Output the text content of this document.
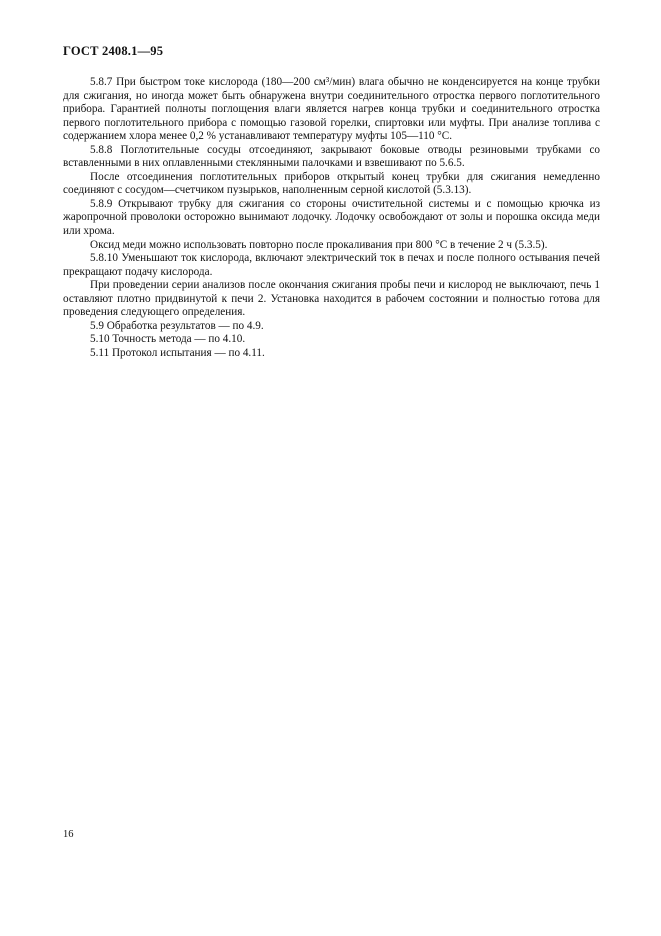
ГОСТ 2408.1—95

5.8.7 При быстром токе кислорода (180—200 см³/мин) влага обычно не конденсируется на конце трубки для сжигания, но иногда может быть обнаружена внутри соединительного отростка первого поглотительного прибора. Гарантией полноты поглощения влаги является нагрев конца трубки и соединительного отростка первого поглотительного прибора с помощью газовой горелки, спиртовки или муфты. При анализе топлива с содержанием хлора менее 0,2 % устанавливают температуру муфты 105—110 °С.

5.8.8 Поглотительные сосуды отсоединяют, закрывают боковые отводы резиновыми трубками со вставленными в них оплавленными стеклянными палочками и взвешивают по 5.6.5.

После отсоединения поглотительных приборов открытый конец трубки для сжигания немедленно соединяют с сосудом—счетчиком пузырьков, наполненным серной кислотой (5.3.13).

5.8.9 Открывают трубку для сжигания со стороны очистительной системы и с помощью крючка из жаропрочной проволоки осторожно вынимают лодочку. Лодочку освобождают от золы и порошка оксида меди или хрома.

Оксид меди можно использовать повторно после прокаливания при 800 °С в течение 2 ч (5.3.5).

5.8.10 Уменьшают ток кислорода, включают электрический ток в печах и после полного остывания печей прекращают подачу кислорода.

При проведении серии анализов после окончания сжигания пробы печи и кислород не выключают, печь 1 оставляют плотно придвинутой к печи 2. Установка находится в рабочем состоянии и полностью готова для проведения следующего определения.

5.9 Обработка результатов — по 4.9.

5.10 Точность метода — по 4.10.

5.11 Протокол испытания — по 4.11.

16
